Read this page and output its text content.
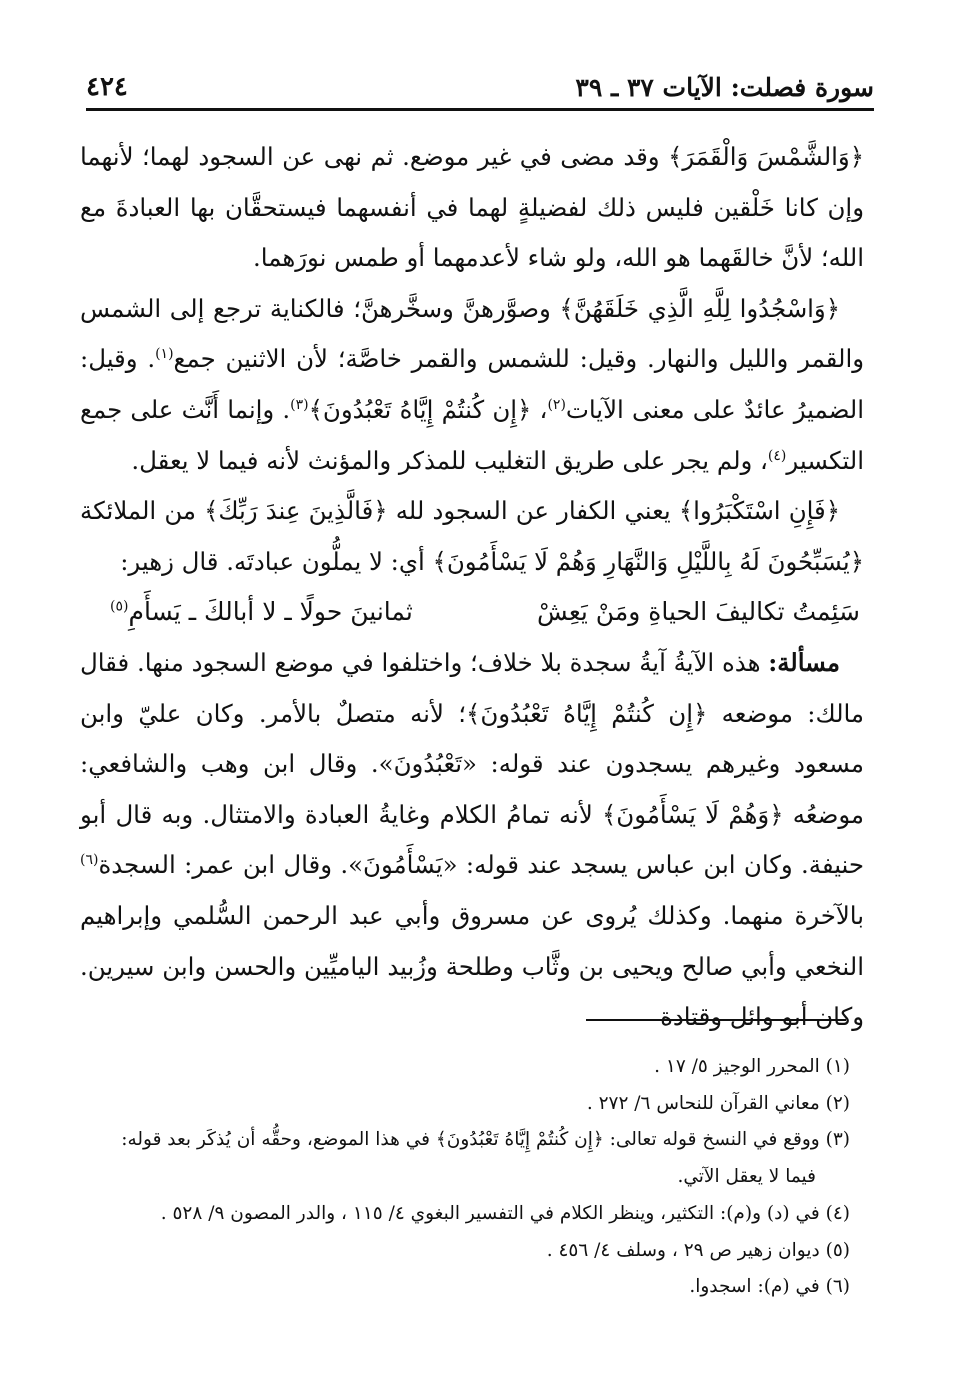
٤٢٤	سورة فصلت: الآيات ٣٧ ـ ٣٩

﴿وَالشَّمْسَ وَالْقَمَرَ﴾ وقد مضى في غير موضع. ثم نهى عن السجود لهما؛ لأنهما وإن كانا خَلْقين فليس ذلك لفضيلةٍ لهما في أنفسهما فيستحقَّان بها العبادةَ مع الله؛ لأنَّ خالقَهما هو الله، ولو شاء لأعدمهما أو طمس نورَهما.

﴿وَاسْجُدُوا لِلَّهِ الَّذِي خَلَقَهُنَّ﴾ وصوَّرهنَّ وسخَّرهنَّ؛ فالكناية ترجع إلى الشمس والقمر والليل والنهار. وقيل: للشمس والقمر خاصَّة؛ لأن الاثنين جمع$^{(١)}$. وقيل: الضميرُ عائدٌ على معنى الآيات$^{(٢)}$، ﴿إِن كُنتُمْ إِيَّاهُ تَعْبُدُونَ﴾$^{(٣)}$. وإنما أَنَّث على جمع التكسير$^{(٤)}$، ولم يجر على طريق التغليب للمذكر والمؤنث لأنه فيما لا يعقل.

﴿فَإِنِ اسْتَكْبَرُوا﴾ يعني الكفار عن السجود لله ﴿فَالَّذِينَ عِندَ رَبِّكَ﴾ من الملائكة ﴿يُسَبِّحُونَ لَهُ بِاللَّيْلِ وَالنَّهَارِ وَهُمْ لَا يَسْأَمُونَ﴾ أي: لا يملُّون عبادتَه. قال زهير:

سَئِمتُ تكاليفَ الحياةِ ومَنْ يَعِشْ
ثمانينَ حولًا ـ لا أبالكَ ـ يَسأَمِ$^{(٥)}$

مسألة: هذه الآيةُ آيةُ سجدة بلا خلاف؛ واختلفوا في موضع السجود منها. فقال مالك: موضعه ﴿إِن كُنتُمْ إِيَّاهُ تَعْبُدُونَ﴾؛ لأنه متصلٌ بالأمر. وكان عليّ وابن مسعود وغيرهم يسجدون عند قوله: «تَعْبُدُونَ». وقال ابن وهب والشافعي: موضعُه ﴿وَهُمْ لَا يَسْأَمُونَ﴾ لأنه تمامُ الكلام وغايةُ العبادة والامتثال. وبه قال أبو حنيفة. وكان ابن عباس يسجد عند قوله: «يَسْأَمُونَ». وقال ابن عمر: السجدة$^{(٦)}$ بالآخرة منهما. وكذلك يُروى عن مسروق وأبي عبد الرحمن السُّلمي وإبراهيم النخعي وأبي صالح ويحيى بن وثَّاب وطلحة وزُبيد الياميِّين والحسن وابن سيرين. وكان أبو وائل وقتادة

(١) المحرر الوجيز ٥/ ١٧ .

(٢) معاني القرآن للنحاس ٦/ ٢٧٢ .

(٣) ووقع في النسخ قوله تعالى: ﴿إِن كُنتُمْ إِيَّاهُ تَعْبُدُونَ﴾ في هذا الموضع، وحقُّه أن يُذكَر بعد قوله:

فيما لا يعقل الآتي.

(٤) في (د) و(م): التكثير، وينظر الكلام في التفسير البغوي ٤/ ١١٥ ، والدر المصون ٩/ ٥٢٨ .

(٥) ديوان زهير ص ٢٩ ، وسلف ٤/ ٤٥٦ .

(٦) في (م): اسجدوا.
